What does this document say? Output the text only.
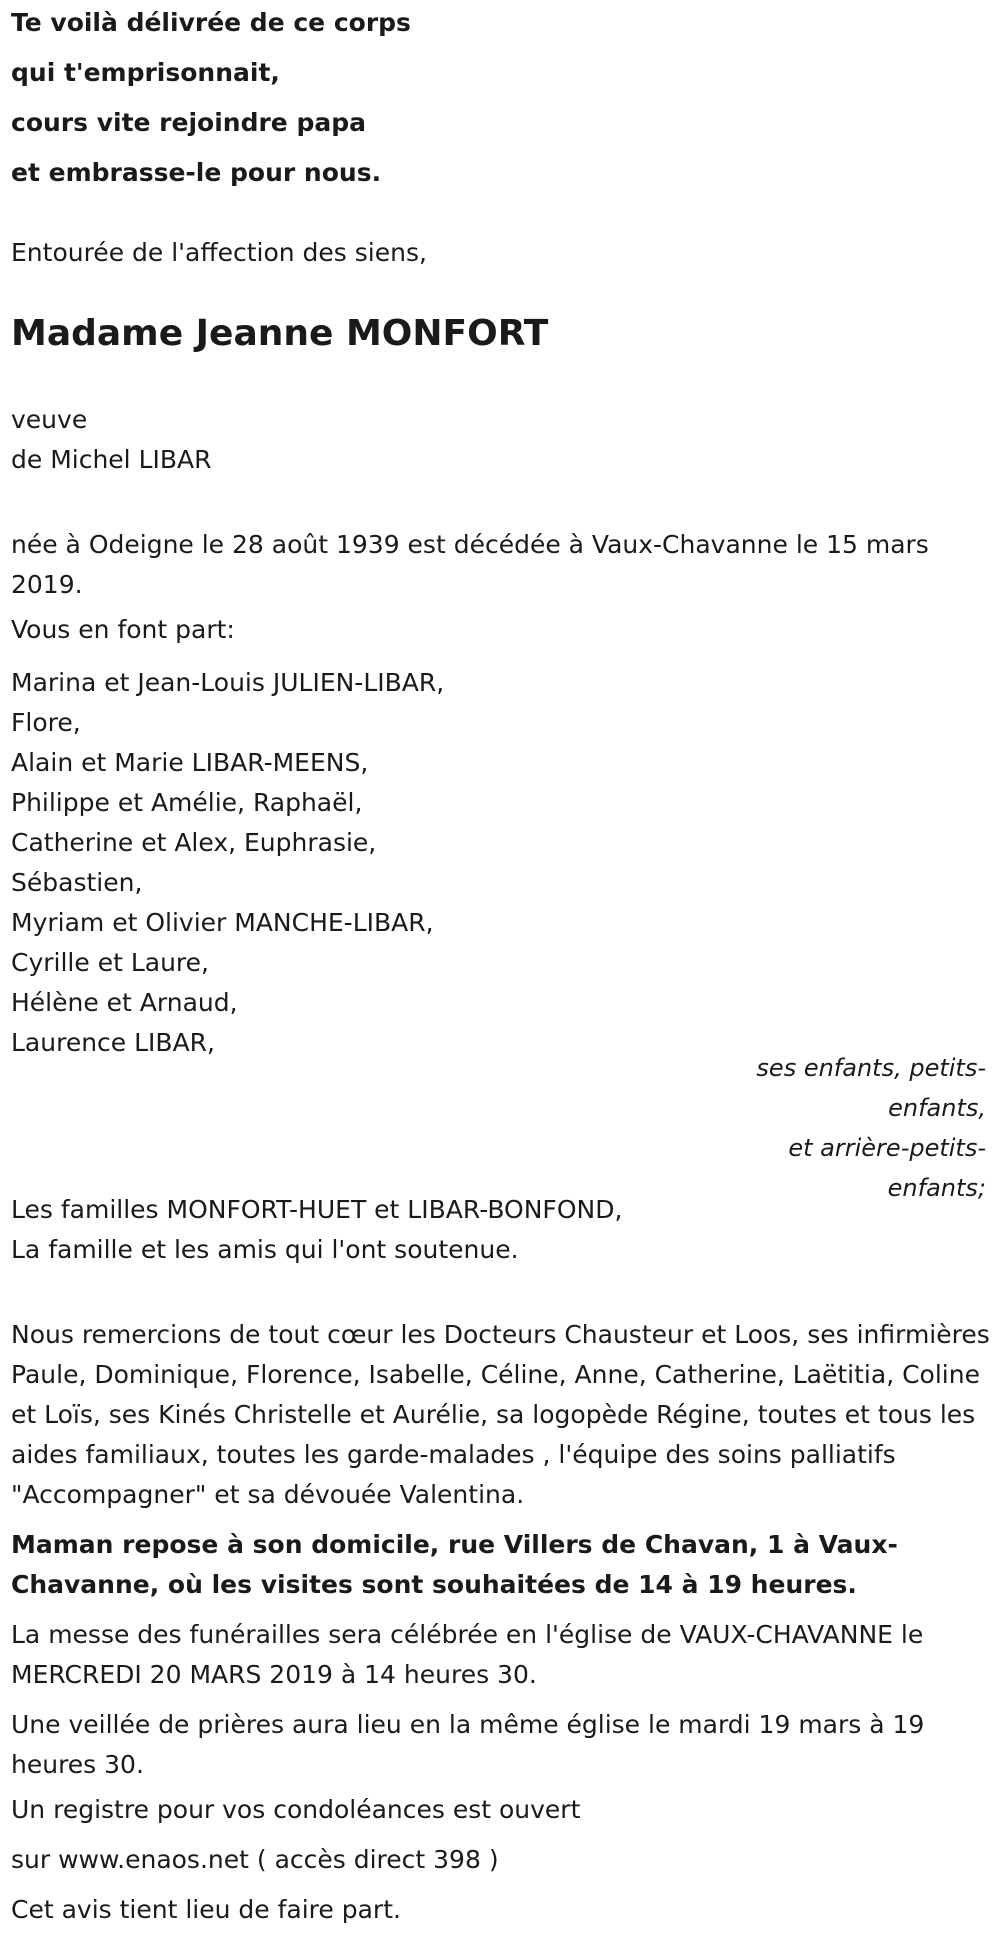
Te voilà délivrée de ce corps
qui t'emprisonnait,
cours vite rejoindre papa
et embrasse-le pour nous.
Entourée de l'affection des siens,
Madame Jeanne MONFORT
veuve
de Michel LIBAR
née à Odeigne le 28 août 1939 est décédée à Vaux-Chavanne le 15 mars 2019.
Vous en font part:
Marina et Jean-Louis JULIEN-LIBAR,
Flore,
Alain et Marie LIBAR-MEENS,
Philippe et Amélie, Raphaël,
Catherine et Alex, Euphrasie,
Sébastien,
Myriam et Olivier MANCHE-LIBAR,
Cyrille et Laure,
Hélène et Arnaud,
Laurence LIBAR,
ses enfants, petits-enfants,
et arrière-petits-enfants;
Les familles MONFORT-HUET et LIBAR-BONFOND,
La famille et les amis qui l'ont soutenue.
Nous remercions de tout cœur les Docteurs Chausteur et Loos, ses infirmières Paule, Dominique, Florence, Isabelle, Céline, Anne, Catherine, Laëtitia, Coline et Loïs, ses Kinés Christelle et Aurélie, sa logopède Régine, toutes et tous les aides familiaux, toutes les garde-malades , l'équipe des soins palliatifs "Accompagner" et sa dévouée Valentina.
Maman repose à son domicile, rue Villers de Chavan, 1 à Vaux-Chavanne, où les visites sont souhaitées de 14 à 19 heures.
La messe des funérailles sera célébrée en l'église de VAUX-CHAVANNE le MERCREDI 20 MARS 2019 à 14 heures 30.
Une veillée de prières aura lieu en la même église le mardi 19 mars à 19 heures 30.
Un registre pour vos condoléances est ouvert
sur www.enaos.net ( accès direct 398 )
Cet avis tient lieu de faire part.
